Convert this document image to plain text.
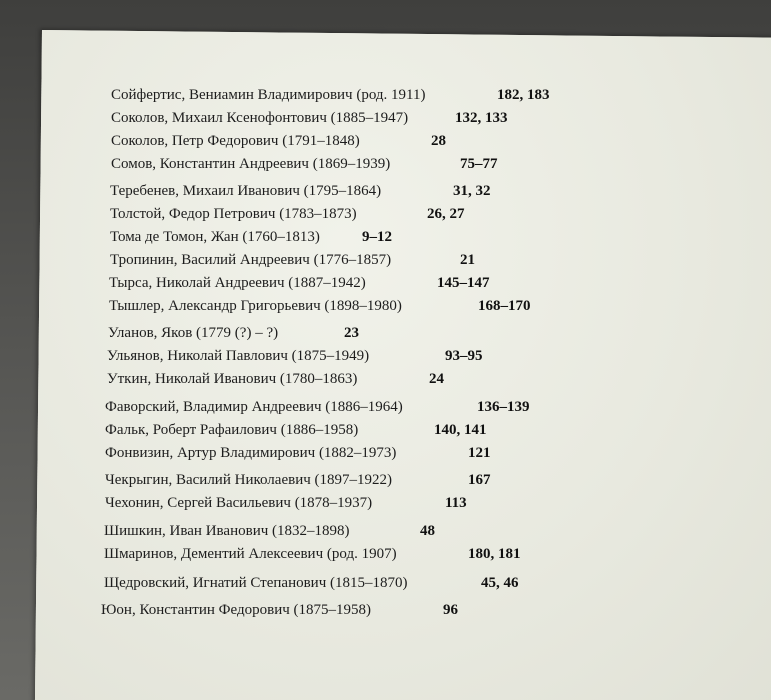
Сойфертис, Вениамин Владимирович (род. 1911)	182, 183
Соколов, Михаил Ксенофонтович (1885–1947)	132, 133
Соколов, Петр Федорович (1791–1848)	28
Сомов, Константин Андреевич (1869–1939)	75–77
Теребенев, Михаил Иванович (1795–1864)	31, 32
Толстой, Федор Петрович (1783–1873)	26, 27
Тома де Томон, Жан (1760–1813)	9–12
Тропинин, Василий Андреевич (1776–1857)	21
Тырса, Николай Андреевич (1887–1942)	145–147
Тышлер, Александр Григорьевич (1898–1980)	168–170
Уланов, Яков (1779 (?) – ?)	23
Ульянов, Николай Павлович (1875–1949)	93–95
Уткин, Николай Иванович (1780–1863)	24
Фаворский, Владимир Андреевич (1886–1964)	136–139
Фальк, Роберт Рафаилович (1886–1958)	140, 141
Фонвизин, Артур Владимирович (1882–1973)	121
Чекрыгин, Василий Николаевич (1897–1922)	167
Чехонин, Сергей Васильевич (1878–1937)	113
Шишкин, Иван Иванович (1832–1898)	48
Шмаринов, Дементий Алексеевич (род. 1907)	180, 181
Щедровский, Игнатий Степанович (1815–1870)	45, 46
Юон, Константин Федорович (1875–1958)	96
